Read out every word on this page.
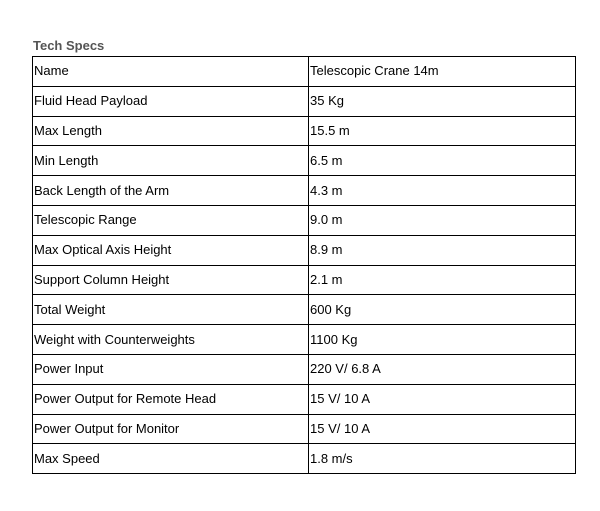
Tech Specs
Name	Telescopic Crane 14m
Fluid Head Payload	35 Kg
Max Length	15.5 m
Min Length	6.5 m
Back Length of the Arm	4.3 m
Telescopic Range	9.0 m
Max Optical Axis Height	8.9 m
Support Column Height	2.1 m
Total Weight	600 Kg
Weight with Counterweights	1100 Kg
Power Input	220 V/ 6.8 A
Power Output for Remote Head	15 V/ 10 A
Power Output for Monitor	15 V/ 10 A
Max Speed	1.8 m/s
